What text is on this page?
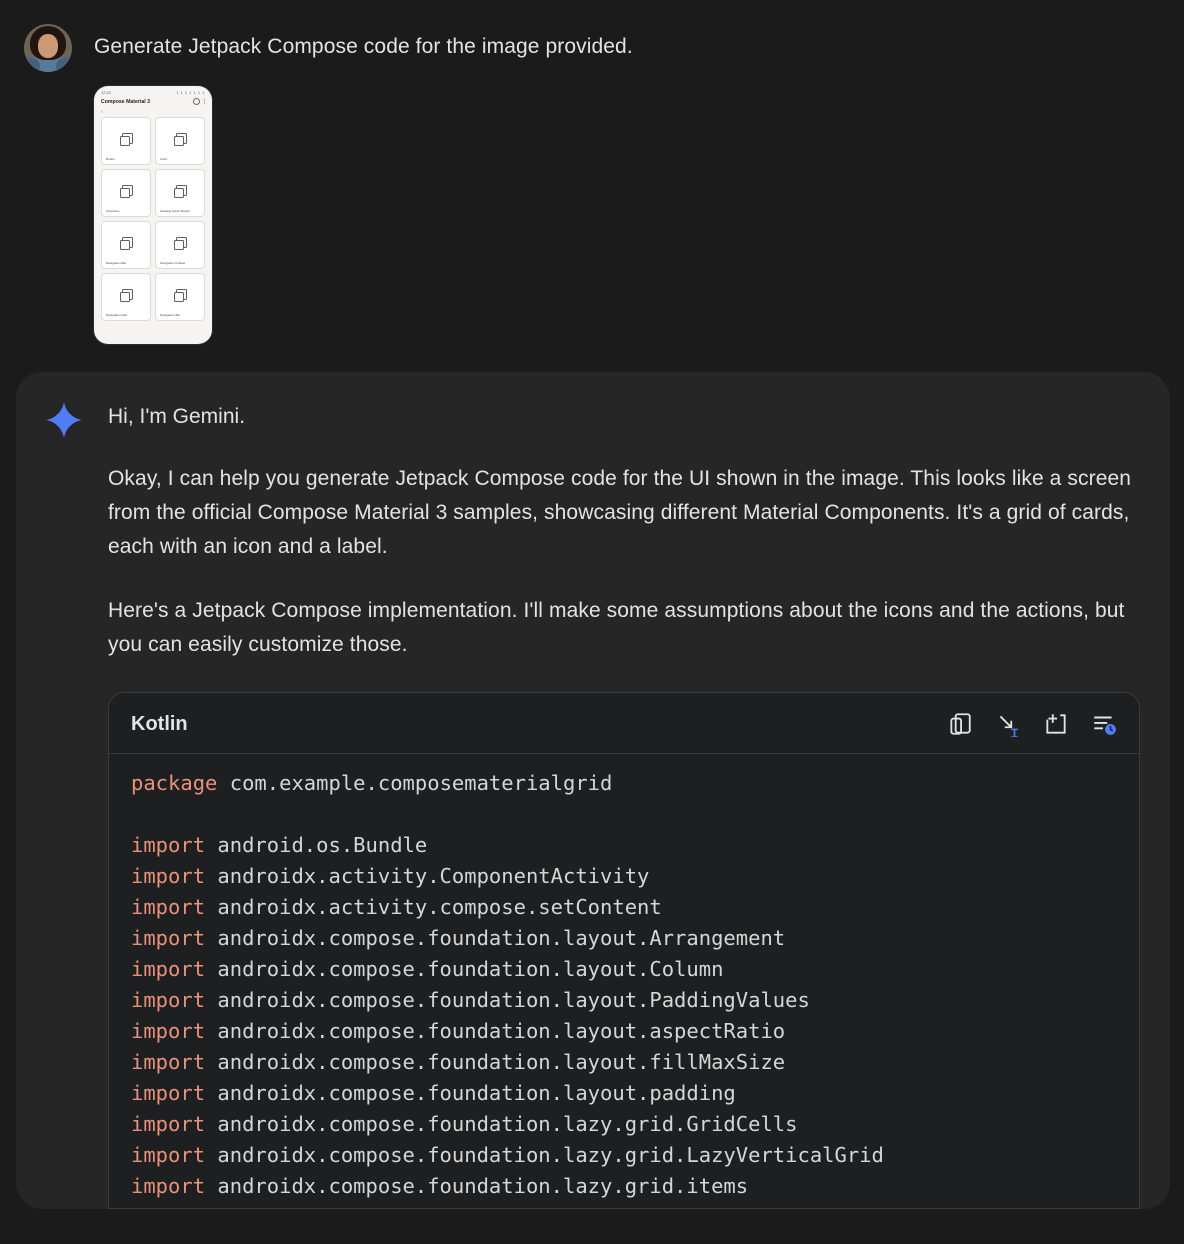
Generate Jetpack Compose code for the image provided.
12:22	1 1 1 1 1 1 1
Compose Material 3
‹
Button	Card
Checkbox	Floating Action Button
Navigation Bar	Navigation Drawer
Navigation Rail	Navigation Bar

Hi, I'm Gemini.

Okay, I can help you generate Jetpack Compose code for the UI shown in the image. This looks like a screen from the official Compose Material 3 samples, showcasing different Material Components. It's a grid of cards, each with an icon and a label.

Here's a Jetpack Compose implementation. I'll make some assumptions about the icons and the actions, but you can easily customize those.

Kotlin
package com.example.composematerialgrid

import android.os.Bundle
import androidx.activity.ComponentActivity
import androidx.activity.compose.setContent
import androidx.compose.foundation.layout.Arrangement
import androidx.compose.foundation.layout.Column
import androidx.compose.foundation.layout.PaddingValues
import androidx.compose.foundation.layout.aspectRatio
import androidx.compose.foundation.layout.fillMaxSize
import androidx.compose.foundation.layout.padding
import androidx.compose.foundation.lazy.grid.GridCells
import androidx.compose.foundation.lazy.grid.LazyVerticalGrid
import androidx.compose.foundation.lazy.grid.items
